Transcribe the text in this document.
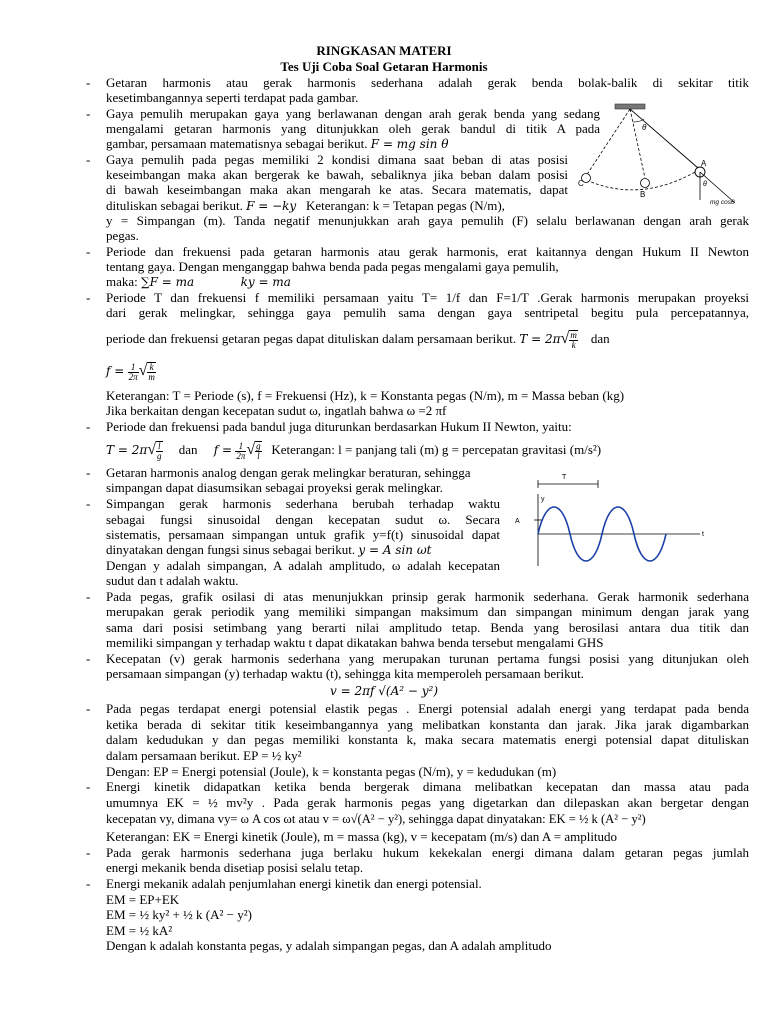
RINGKASAN MATERI
Tes Uji Coba Soal Getaran Harmonis
-
-
-
-
-
-
-
-
-
-
-
-
-
-
Getaran harmonis atau gerak harmonis sederhana adalah gerak benda bolak-balik di sekitar titik
kesetimbangannya seperti terdapat pada gambar.
Gaya pemulih merupakan gaya yang berlawanan dengan arah gerak benda yang sedang
mengalami getaran harmonis yang ditunjukkan oleh gerak bandul di titik A pada
gambar, persamaan matematisnya sebagai berikut. F = mg sin θ
Gaya pemulih pada pegas memiliki 2 kondisi dimana saat beban di atas posisi
keseimbangan maka akan bergerak ke bawah, sebaliknya jika beban dalam posisi
di bawah keseimbangan maka akan mengarah ke atas. Secara matematis, dapat
dituliskan sebagai berikut. F = −ky Keterangan: k = Tetapan pegas (N/m),
y = Simpangan (m). Tanda negatif menunjukkan arah gaya pemulih (F) selalu berlawanan dengan arah gerak
pegas.
Periode dan frekuensi pada getaran harmonis atau gerak harmonis, erat kaitannya dengan Hukum II Newton
tentang gaya. Dengan menganggap bahwa benda pada pegas mengalami gaya pemulih,
maka: ∑F = ma	ky = ma
Periode T dan frekuensi f memiliki persamaan yaitu T= 1/f dan F=1/T .Gerak harmonis merupakan proyeksi
dari gerak melingkar, sehingga gaya pemulih sama dengan gaya sentripetal begitu pula percepatannya,
periode dan frekuensi getaran pegas dapat dituliskan dalam persamaan berikut. $T = 2\pi√ \frac{m}{k}$ dan
$f = \frac{1}{2\pi}$ √ $\frac{k}{m}$
Keterangan: T = Periode (s), f = Frekuensi (Hz), k = Konstanta pegas (N/m), m = Massa beban (kg)
Jika berkaitan dengan kecepatan sudut ω, ingatlah bahwa ω =2 πf
Periode dan frekuensi pada bandul juga diturunkan berdasarkan Hukum II Newton, yaitu:
$T = 2\pi√ \frac{l}{g}$ dan $f = \frac{1}{2\pi}$ √ $\frac{g}{l}$ Keterangan: l = panjang tali (m) g = percepatan gravitasi (m/s²)
Getaran harmonis analog dengan gerak melingkar beraturan, sehingga
simpangan dapat diasumsikan sebagai proyeksi gerak melingkar.
Simpangan gerak harmonis sederhana berubah terhadap waktu
sebagai fungsi sinusoidal dengan kecepatan sudut ω. Secara
sistematis, persamaan simpangan untuk grafik y=f(t) sinusoidal dapat
dinyatakan dengan fungsi sinus sebagai berikut. y = A sin ωt
Dengan y adalah simpangan, A adalah amplitudo, ω adalah kecepatan
sudut dan t adalah waktu.
Pada pegas, grafik osilasi di atas menunjukkan prinsip gerak harmonik sederhana. Gerak harmonik sederhana
merupakan gerak periodik yang memiliki simpangan maksimum dan simpangan minimum dengan jarak yang
sama dari posisi setimbang yang berarti nilai amplitudo tetap. Benda yang berosilasi antara dua titik dan
memiliki simpangan y terhadap waktu t dapat dikatakan bahwa benda tersebut mengalami GHS
Kecepatan (v) gerak harmonis sederhana yang merupakan turunan pertama fungsi posisi yang ditunjukan oleh
persamaan simpangan (y) terhadap waktu (t), sehingga kita memperoleh persamaan berikut.
v = 2πf √(A² − y²)
Pada pegas terdapat energi potensial elastik pegas . Energi potensial adalah energi yang terdapat pada benda
ketika berada di sekitar titik keseimbangannya yang melibatkan konstanta dan jarak. Jika jarak digambarkan
dalam kedudukan y dan pegas memiliki konstanta k, maka secara matematis energi potensial dapat dituliskan
dalam persamaan berikut. EP = ½ ky²
Dengan: EP = Energi potensial (Joule), k = konstanta pegas (N/m), y = kedudukan (m)
Energi kinetik didapatkan ketika benda bergerak dimana melibatkan kecepatan dan massa atau pada
umumnya EK = ½ mv²y . Pada gerak harmonis pegas yang digetarkan dan dilepaskan akan bergetar dengan
kecepatan vy, dimana vy= ω A cos ωt atau v = ω√(A² − y²), sehingga dapat dinyatakan: EK = ½ k (A² − y²)
Keterangan: EK = Energi kinetik (Joule), m = massa (kg), v = kecepatam (m/s) dan A = amplitudo
Pada gerak harmonis sederhana juga berlaku hukum kekekalan energi dimana dalam getaran pegas jumlah
energi mekanik benda disetiap posisi selalu tetap.
Energi mekanik adalah penjumlahan energi kinetik dan energi potensial.
EM = EP+EK
EM = ½ ky² + ½ k (A² − y²)
EM = ½ kA²
Dengan k adalah konstanta pegas, y adalah simpangan pegas, dan A adalah amplitudo
θ
A
B
C	θ
mg cosθ
T
y
t
A
